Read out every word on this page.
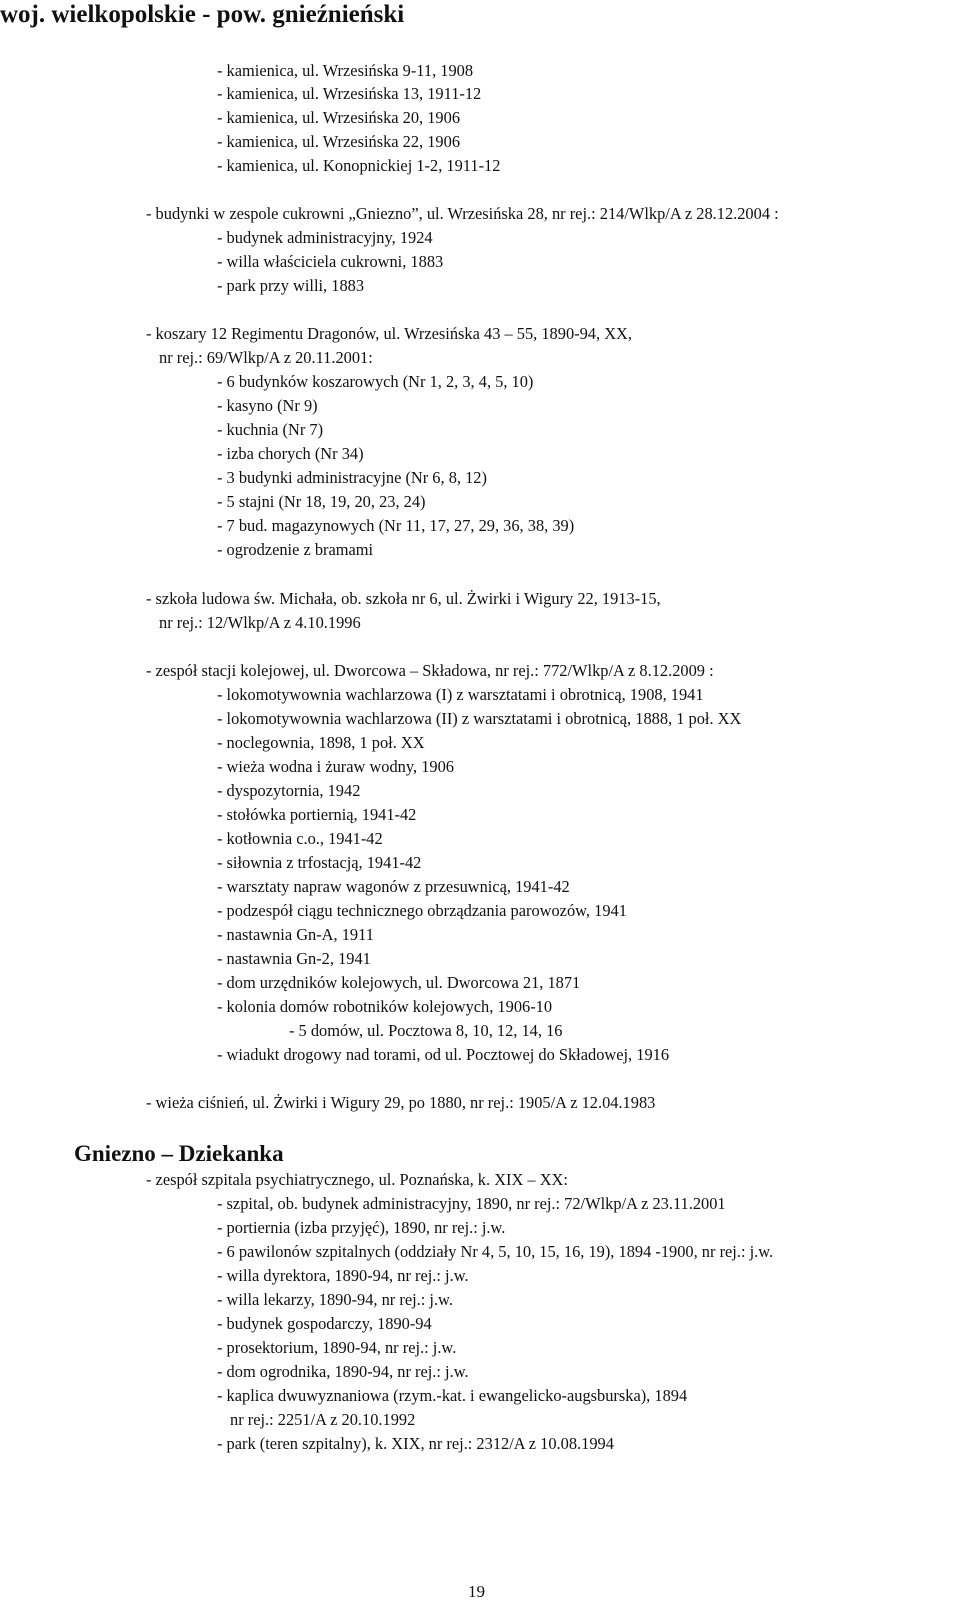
woj. wielkopolskie - pow. gnieźnieński
- kamienica, ul. Wrzesińska 9-11, 1908
- kamienica, ul. Wrzesińska 13, 1911-12
- kamienica, ul. Wrzesińska 20, 1906
- kamienica, ul. Wrzesińska 22, 1906
- kamienica, ul. Konopnickiej 1-2, 1911-12
- budynki w zespole cukrowni „Gniezno”, ul. Wrzesińska 28, nr rej.: 214/Wlkp/A z 28.12.2004 :
- budynek administracyjny, 1924
- willa właściciela cukrowni, 1883
- park przy willi, 1883
- koszary 12 Regimentu Dragonów, ul. Wrzesińska 43 – 55, 1890-94, XX,
nr rej.: 69/Wlkp/A z 20.11.2001:
- 6 budynków koszarowych (Nr 1, 2, 3, 4, 5, 10)
- kasyno (Nr 9)
- kuchnia (Nr 7)
- izba chorych (Nr 34)
- 3 budynki administracyjne (Nr 6, 8, 12)
- 5 stajni (Nr 18, 19, 20, 23, 24)
- 7 bud. magazynowych (Nr 11, 17, 27, 29, 36, 38, 39)
- ogrodzenie z bramami
- szkoła ludowa św. Michała, ob. szkoła nr 6, ul. Żwirki i Wigury 22, 1913-15,
nr rej.: 12/Wlkp/A z 4.10.1996
- zespół stacji kolejowej, ul. Dworcowa – Składowa, nr rej.: 772/Wlkp/A z 8.12.2009 :
- lokomotywownia wachlarzowa (I) z warsztatami i obrotnicą, 1908, 1941
- lokomotywownia wachlarzowa (II) z warsztatami i obrotnicą, 1888, 1 poł. XX
- noclegownia, 1898, 1 poł. XX
- wieża wodna i żuraw wodny, 1906
- dyspozytornia, 1942
- stołówka portiernią, 1941-42
- kotłownia c.o., 1941-42
- siłownia z trfostacją, 1941-42
- warsztaty napraw wagonów z przesuwnicą, 1941-42
- podzespół ciągu technicznego obrządzania parowozów, 1941
- nastawnia Gn-A, 1911
- nastawnia Gn-2, 1941
- dom urzędników kolejowych, ul. Dworcowa 21, 1871
- kolonia domów robotników kolejowych, 1906-10
- 5 domów, ul. Pocztowa 8, 10, 12, 14, 16
- wiadukt drogowy nad torami, od ul. Pocztowej do Składowej, 1916
- wieża ciśnień, ul. Żwirki i Wigury 29, po 1880, nr rej.: 1905/A z 12.04.1983
Gniezno – Dziekanka
- zespół szpitala psychiatrycznego, ul. Poznańska, k. XIX – XX:
- szpital, ob. budynek administracyjny, 1890, nr rej.: 72/Wlkp/A z 23.11.2001
- portiernia (izba przyjęć), 1890, nr rej.: j.w.
- 6 pawilonów szpitalnych (oddziały Nr 4, 5, 10, 15, 16, 19), 1894 -1900, nr rej.: j.w.
- willa dyrektora, 1890-94, nr rej.: j.w.
- willa lekarzy, 1890-94, nr rej.: j.w.
- budynek gospodarczy, 1890-94
- prosektorium, 1890-94, nr rej.: j.w.
- dom ogrodnika, 1890-94, nr rej.: j.w.
- kaplica dwuwyznaniowa (rzym.-kat. i ewangelicko-augsburska), 1894
nr rej.: 2251/A z 20.10.1992
- park (teren szpitalny), k. XIX, nr rej.: 2312/A z 10.08.1994
19
